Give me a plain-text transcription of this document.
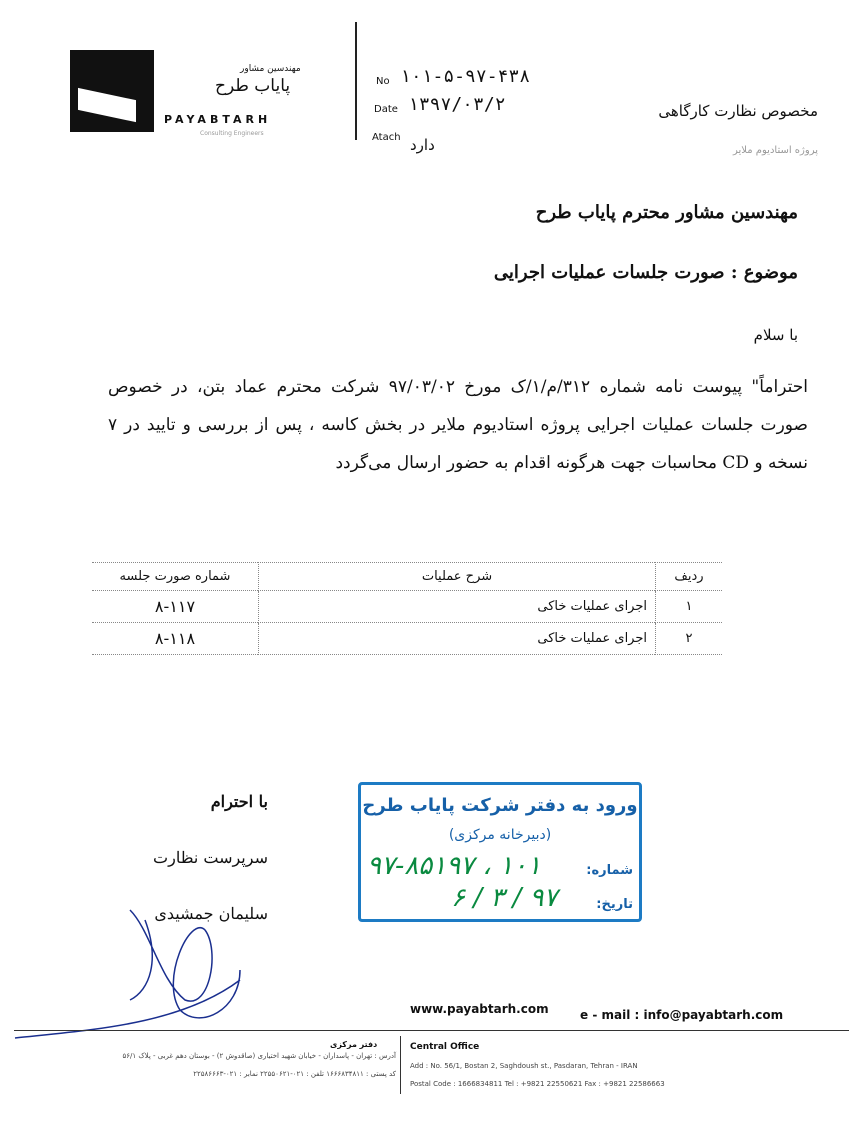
مهندسین مشاور
پایاب طرح
PAYABTARH
Consulting Engineers
No ۱۰۱-۵-۹۷-۴۳۸
Date ۱۳۹۷/۰۳/۲
Atach دارد
مخصوص نظارت کارگاهی
پروژه استادیوم ملایر
مهندسین مشاور محترم پایاب طرح
موضوع : صورت جلسات عملیات اجرایی
با سلام
احتراماً" پیوست نامه شماره ۳۱۲/م/۱/ک مورخ ۹۷/۰۳/۰۲ شرکت محترم عماد بتن، در خصوص صورت جلسات عملیات اجرایی پروژه استادیوم ملایر در بخش کاسه ، پس از بررسی و تایید در ۷ نسخه و CD محاسبات جهت هرگونه اقدام به حضور ارسال می‌گردد
ردیف	شرح عملیات	شماره صورت جلسه
۱	اجرای عملیات خاکی	۸-۱۱۷
۲	اجرای عملیات خاکی	۸-۱۱۸
با احترام
سرپرست نظارت
سلیمان جمشیدی
ورود به دفتر شرکت پایاب طرح
(دبیرخانه مرکزی)
شماره:
۱۰۱ ، ۹۷-۸۵۱۹۷
تاریخ:
۹۷ / ۳ / ۶
www.payabtarh.com	e - mail : info@payabtarh.com
Central Office
دفتر مرکزی
Add : No. 56/1, Bostan 2, Saghdoush st., Pasdaran, Tehran - IRAN
Postal Code : 1666834811 Tel : +9821 22550621 Fax : +9821 22586663
آدرس : تهران - پاسداران - خیابان شهید اختیاری (صاقدوش ۲) - بوستان دهم غربی - پلاک ۵۶/۱
کد پستی : ۱۶۶۶۸۳۴۸۱۱ تلفن : ۰۲۱-۲۲۵۵۰۶۲۱ نمابر : ۰۲۱-۲۲۵۸۶۶۶۳
